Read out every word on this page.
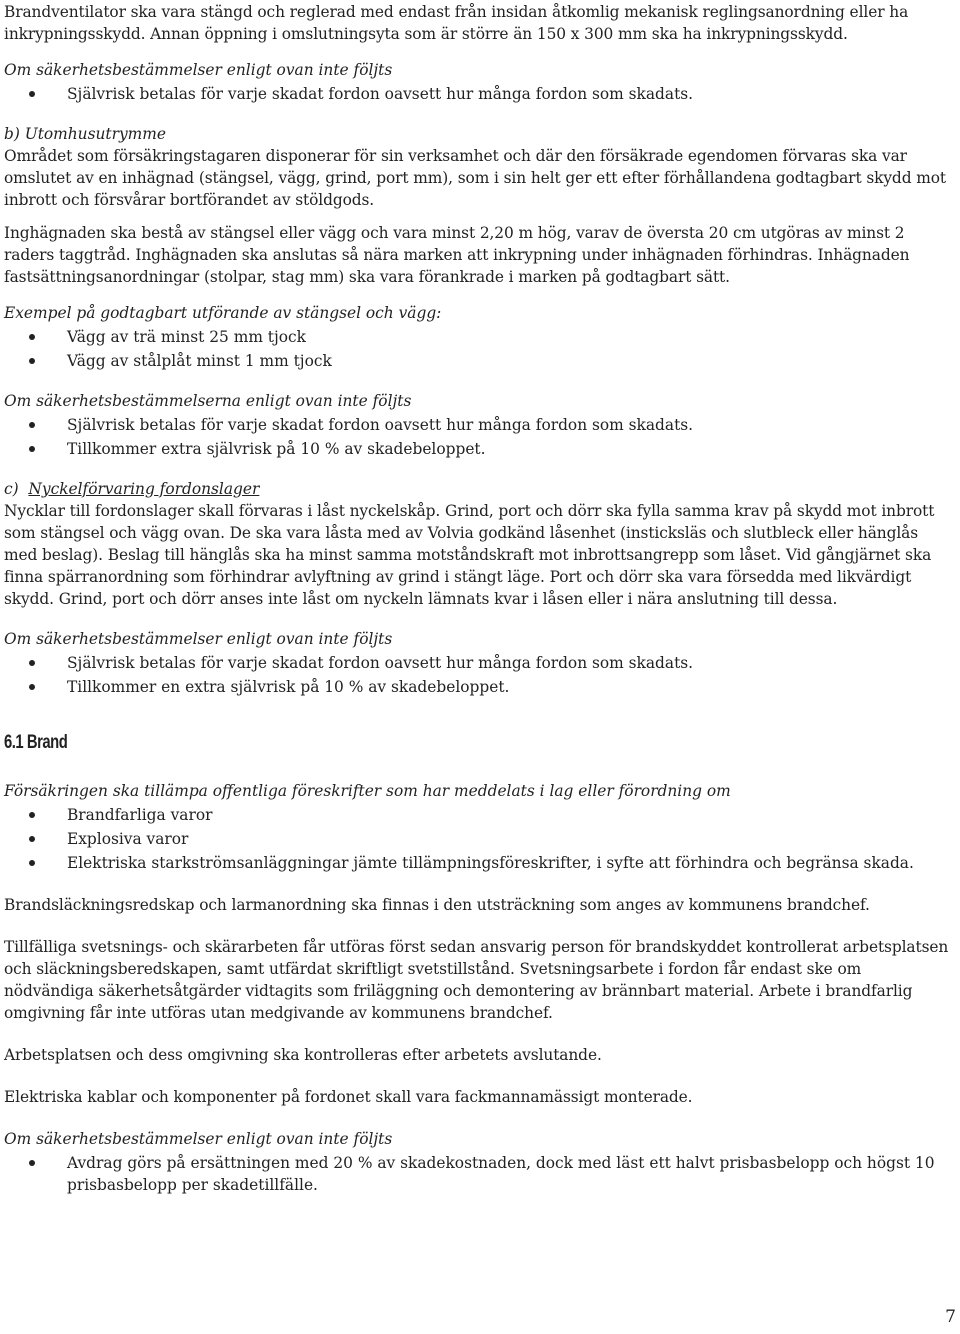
Brandventilator ska vara stängd och reglerad med endast från insidan åtkomlig mekanisk reglingsanordning eller ha inkrypningsskydd. Annan öppning i omslutningsyta som är större än 150 x 300 mm ska ha inkrypningsskydd.

Om säkerhetsbestämmelser enligt ovan inte följts

Självrisk betalas för varje skadat fordon oavsett hur många fordon som skadats.

b) Utomhusutrymme

Området som försäkringstagaren disponerar för sin verksamhet och där den försäkrade egendomen förvaras ska var omslutet av en inhägnad (stängsel, vägg, grind, port mm), som i sin helt ger ett efter förhållandena godtagbart skydd mot inbrott och försvårar bortförandet av stöldgods.

Inghägnaden ska bestå av stängsel eller vägg och vara minst 2,20 m hög, varav de översta 20 cm utgöras av minst 2 raders taggtråd. Inghägnaden ska anslutas så nära marken att inkrypning under inhägnaden förhindras. Inhägnaden fastsättningsanordningar (stolpar, stag mm) ska vara förankrade i marken på godtagbart sätt.

Exempel på godtagbart utförande av stängsel och vägg:

Vägg av trä minst 25 mm tjock
Vägg av stålplåt minst 1 mm tjock

Om säkerhetsbestämmelserna enligt ovan inte följts

Självrisk betalas för varje skadat fordon oavsett hur många fordon som skadats.
Tillkommer extra självrisk på 10 % av skadebeloppet.

c) Nyckelförvaring fordonslager

Nycklar till fordonslager skall förvaras i låst nyckelskåp. Grind, port och dörr ska fylla samma krav på skydd mot inbrott som stängsel och vägg ovan. De ska vara låsta med av Volvia godkänd låsenhet (insticksläs och slutbleck eller hänglås med beslag). Beslag till hänglås ska ha minst samma motståndskraft mot inbrottsangrepp som låset. Vid gångjärnet ska finna spärranordning som förhindrar avlyftning av grind i stängt läge. Port och dörr ska vara försedda med likvärdigt skydd. Grind, port och dörr anses inte låst om nyckeln lämnats kvar i låsen eller i nära anslutning till dessa.

Om säkerhetsbestämmelser enligt ovan inte följts

Självrisk betalas för varje skadat fordon oavsett hur många fordon som skadats.
Tillkommer en extra självrisk på 10 % av skadebeloppet.
6.1 Brand

Försäkringen ska tillämpa offentliga föreskrifter som har meddelats i lag eller förordning om

Brandfarliga varor
Explosiva varor
Elektriska starkströmsanläggningar jämte tillämpningsföreskrifter, i syfte att förhindra och begränsa skada.

Brandsläckningsredskap och larmanordning ska finnas i den utsträckning som anges av kommunens brandchef.

Tillfälliga svetsnings- och skärarbeten får utföras först sedan ansvarig person för brandskyddet kontrollerat arbetsplatsen och släckningsberedskapen, samt utfärdat skriftligt svetstillstånd. Svetsningsarbete i fordon får endast ske om nödvändiga säkerhetsåtgärder vidtagits som friläggning och demontering av brännbart material. Arbete i brandfarlig omgivning får inte utföras utan medgivande av kommunens brandchef.

Arbetsplatsen och dess omgivning ska kontrolleras efter arbetets avslutande.

Elektriska kablar och komponenter på fordonet skall vara fackmannamässigt monterade.

Om säkerhetsbestämmelser enligt ovan inte följts

Avdrag görs på ersättningen med 20 % av skadekostnaden, dock med läst ett halvt prisbasbelopp och högst 10 prisbasbelopp per skadetillfälle.
7
